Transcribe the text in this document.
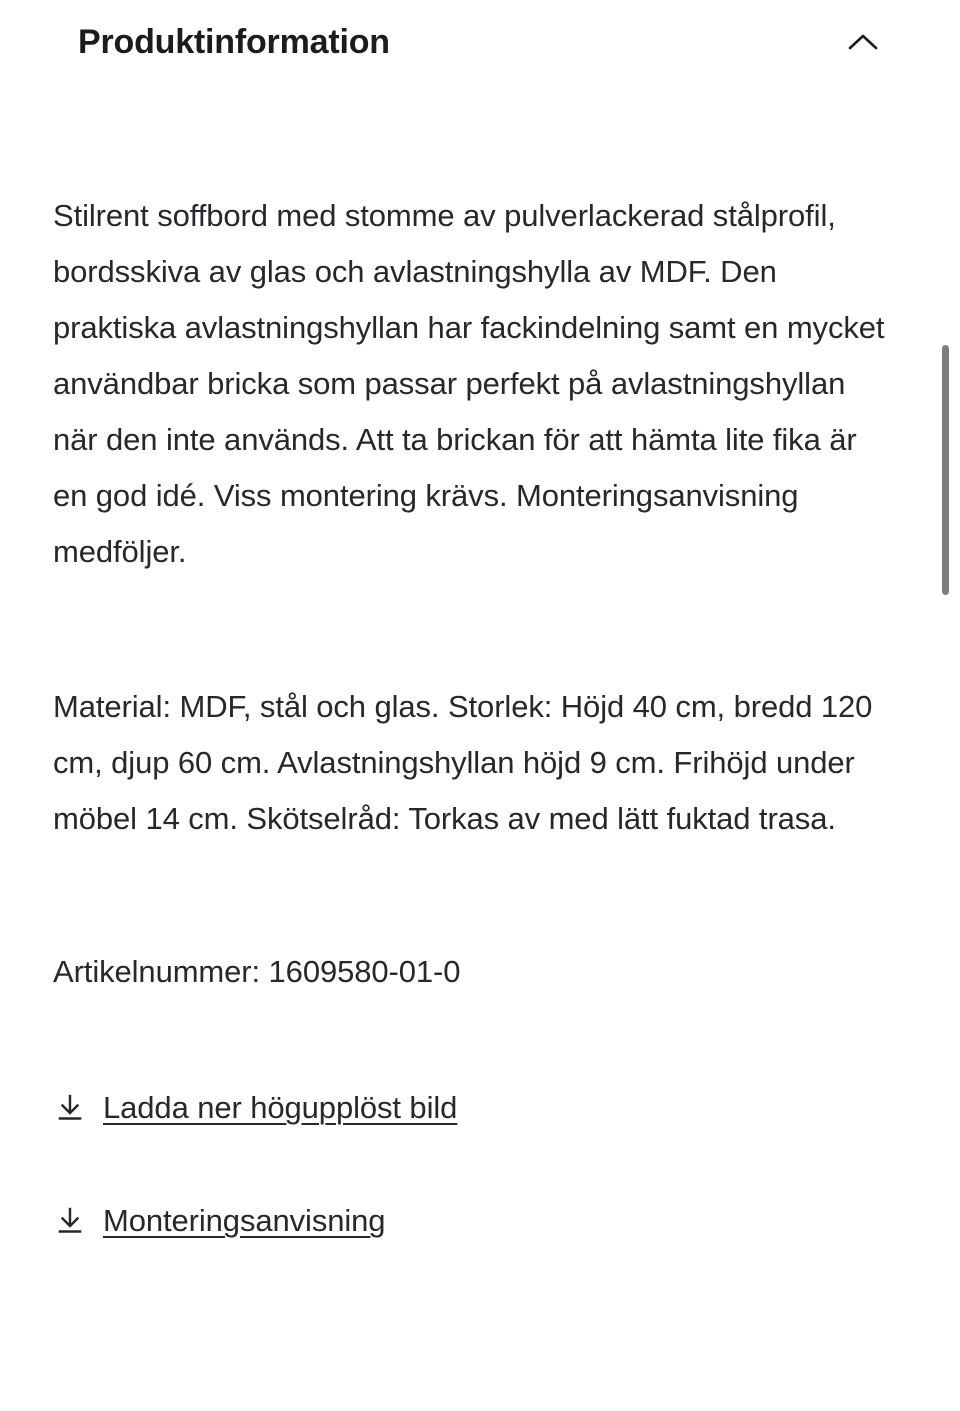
Produktinformation

Stilrent soffbord med stomme av pulverlackerad stålprofil, bordsskiva av glas och avlastningshylla av MDF. Den praktiska avlastningshyllan har fackindelning samt en mycket användbar bricka som passar perfekt på avlastningshyllan när den inte används. Att ta brickan för att hämta lite fika är en god idé. Viss montering krävs. Monteringsanvisning medföljer.

Material: MDF, stål och glas. Storlek: Höjd 40 cm, bredd 120 cm, djup 60 cm. Avlastningshyllan höjd 9 cm. Frihöjd under möbel 14 cm. Skötselråd: Torkas av med lätt fuktad trasa.

Artikelnummer: 1609580-01-0

Ladda ner högupplöst bild
Monteringsanvisning
